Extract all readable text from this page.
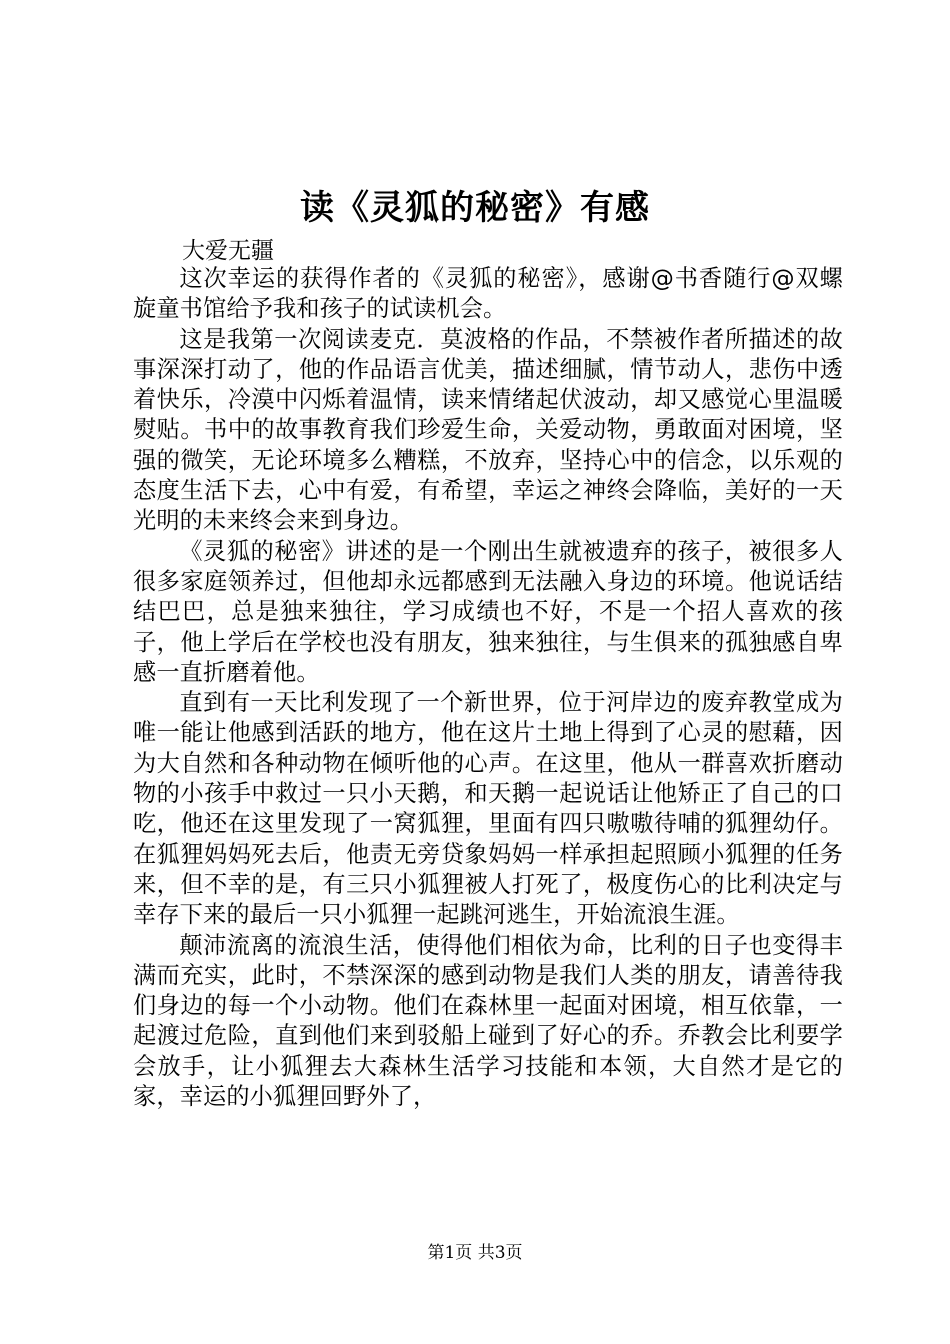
读《灵狐的秘密》有感
大爱无疆

这次幸运的获得作者的《灵狐的秘密》，感谢@书香随行@双螺旋童书馆给予我和孩子的试读机会。

这是我第一次阅读麦克．莫波格的作品，不禁被作者所描述的故事深深打动了，他的作品语言优美，描述细腻，情节动人，悲伤中透着快乐，冷漠中闪烁着温情，读来情绪起伏波动，却又感觉心里温暖熨贴。书中的故事教育我们珍爱生命，关爱动物，勇敢面对困境，坚强的微笑，无论环境多么糟糕，不放弃，坚持心中的信念，以乐观的态度生活下去，心中有爱，有希望，幸运之神终会降临，美好的一天光明的未来终会来到身边。

《灵狐的秘密》讲述的是一个刚出生就被遗弃的孩子，被很多人很多家庭领养过，但他却永远都感到无法融入身边的环境。他说话结结巴巴，总是独来独往，学习成绩也不好，不是一个招人喜欢的孩子，他上学后在学校也没有朋友，独来独往，与生俱来的孤独感自卑感一直折磨着他。

直到有一天比利发现了一个新世界，位于河岸边的废弃教堂成为唯一能让他感到活跃的地方，他在这片土地上得到了心灵的慰藉，因为大自然和各种动物在倾听他的心声。在这里，他从一群喜欢折磨动物的小孩手中救过一只小天鹅，和天鹅一起说话让他矫正了自己的口吃，他还在这里发现了一窝狐狸，里面有四只嗷嗷待哺的狐狸幼仔。在狐狸妈妈死去后，他责无旁贷象妈妈一样承担起照顾小狐狸的任务来，但不幸的是，有三只小狐狸被人打死了，极度伤心的比利决定与幸存下来的最后一只小狐狸一起跳河逃生，开始流浪生涯。

颠沛流离的流浪生活，使得他们相依为命，比利的日子也变得丰满而充实，此时，不禁深深的感到动物是我们人类的朋友，请善待我们身边的每一个小动物。他们在森林里一起面对困境，相互依靠，一起渡过危险，直到他们来到驳船上碰到了好心的乔。乔教会比利要学会放手，让小狐狸去大森林生活学习技能和本领，大自然才是它的家，幸运的小狐狸回野外了，

第1页 共3页
